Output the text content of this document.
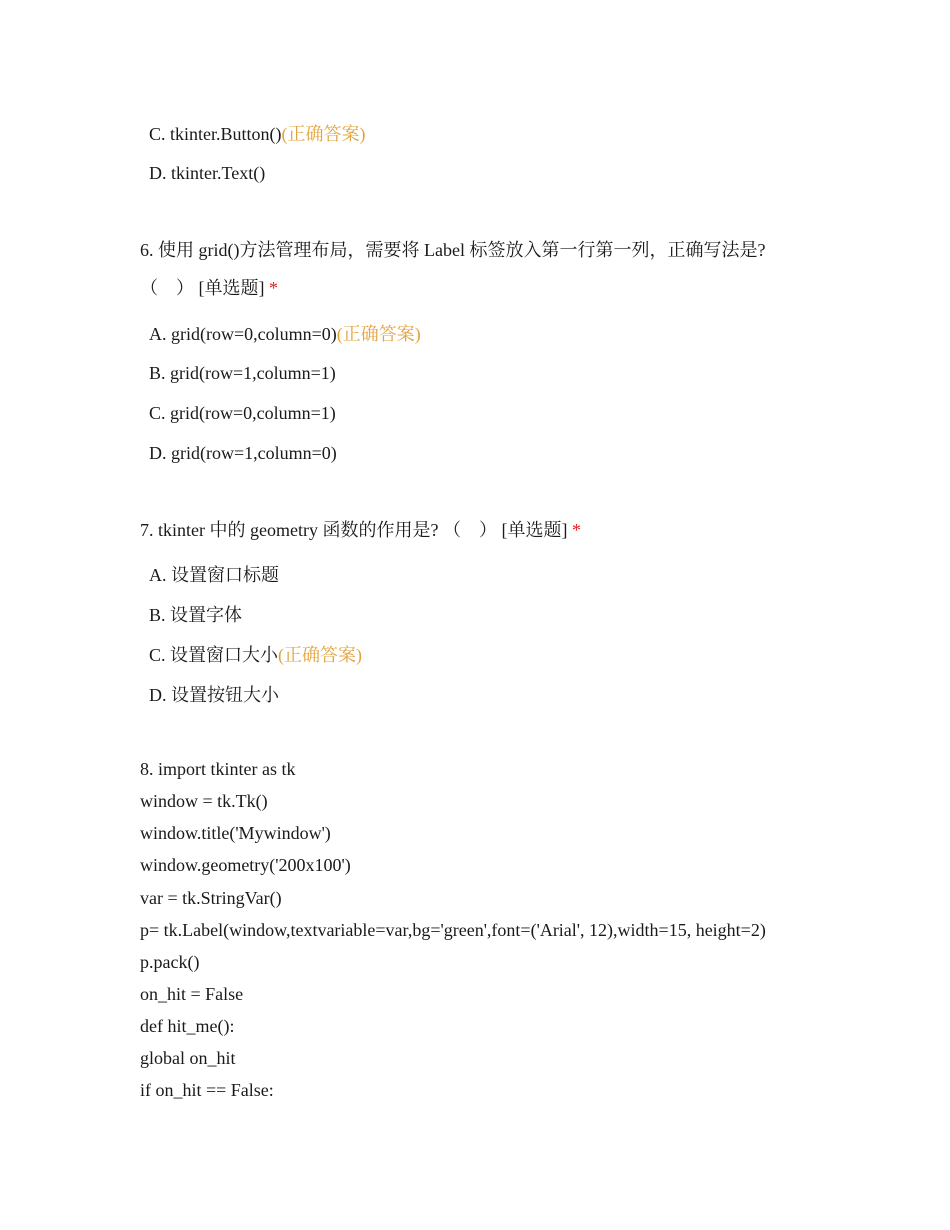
C. tkinter.Button()(正确答案)
D. tkinter.Text()
6. 使用 grid()方法管理布局，需要将 Label 标签放入第一行第一列，正确写法是?
（　） [单选题] *
A. grid(row=0,column=0)(正确答案)
B. grid(row=1,column=1)
C. grid(row=0,column=1)
D. grid(row=1,column=0)
7. tkinter 中的 geometry 函数的作用是? （　） [单选题] *
A. 设置窗口标题
B. 设置字体
C. 设置窗口大小(正确答案)
D. 设置按钮大小
8. import tkinter as tk
window = tk.Tk()
window.title('Mywindow')
window.geometry('200x100')
var = tk.StringVar()
p= tk.Label(window,textvariable=var,bg='green',font=('Arial', 12),width=15, height=2)
p.pack()
on_hit = False
def hit_me():
global on_hit
if on_hit == False:
